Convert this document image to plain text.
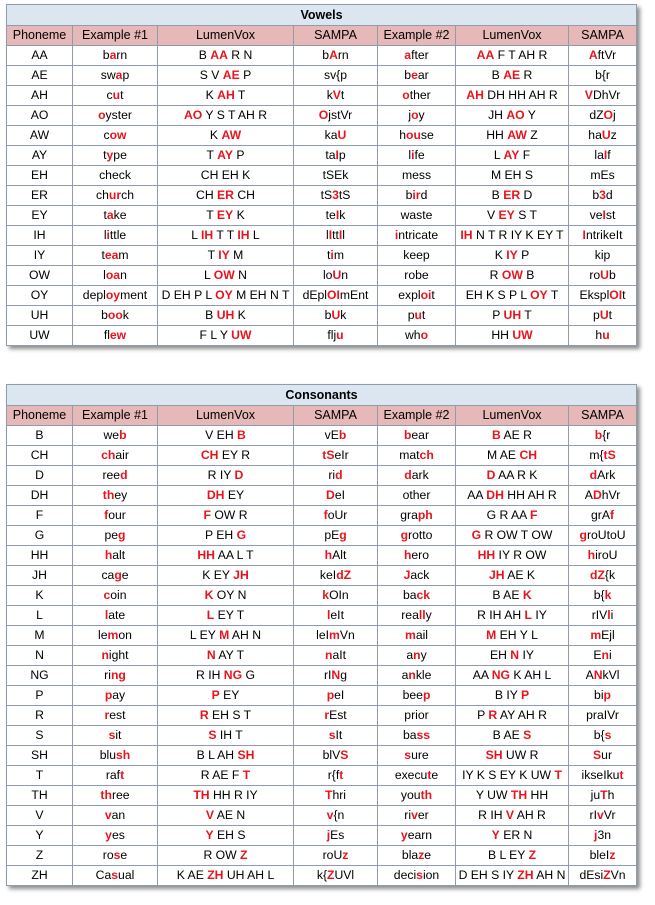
Vowels						
Phoneme	Example #1	LumenVox	SAMPA	Example #2	LumenVox	SAMPA
AA	barn	B AA R N	bArn	after	AA F T AH R	AftVr
AE	swap	S V AE P	sv{p	bear	B AE R	b{r
AH	cut	K AH T	kVt	other	AH DH HH AH R	VDhVr
AO	oyster	AO Y S T AH R	OjstVr	joy	JH AO Y	dZOj
AW	cow	K AW	kaU	house	HH AW Z	haUz
AY	type	T AY P	taIp	life	L AY F	laIf
EH	check	CH EH K	tSEk	mess	M EH S	mEs
ER	church	CH ER CH	tS3tS	bird	B ER D	b3d
EY	take	T EY K	teIk	waste	V EY S T	veIst
IH	little	L IH T T IH L	lIttIl	intricate	IH N T R IY K EY T	IntrikeIt
IY	team	T IY M	tim	keep	K IY P	kip
OW	loan	L OW N	loUn	robe	R OW B	roUb
OY	deployment	D EH P L OY M EH N T	dEplOImEnt	exploit	EH K S P L OY T	EksplOIt
UH	book	B UH K	bUk	put	P UH T	pUt
UW	flew	F L Y UW	flju	who	HH UW	hu
Consonants						
Phoneme	Example #1	LumenVox	SAMPA	Example #2	LumenVox	SAMPA
B	web	V EH B	vEb	bear	B AE R	b{r
CH	chair	CH EY R	tSeIr	match	M AE CH	m{tS
D	reed	R IY D	rid	dark	D AA R K	dArk
DH	they	DH EY	DeI	other	AA DH HH AH R	ADhVr
F	four	F OW R	foUr	graph	G R AA F	grAf
G	peg	P EH G	pEg	grotto	G R OW T OW	groUtoU
HH	halt	HH AA L T	hAlt	hero	HH IY R OW	hiroU
JH	cage	K EY JH	keIdZ	Jack	JH AE K	dZ{k
K	coin	K OY N	kOIn	back	B AE K	b{k
L	late	L EY T	leIt	really	R IH AH L IY	rIVli
M	lemon	L EY M AH N	leImVn	mail	M EH Y L	mEjl
N	night	N AY T	naIt	any	EH N IY	Eni
NG	ring	R IH NG G	rINg	ankle	AA NG K AH L	ANkVl
P	pay	P EY	peI	beep	B IY P	bip
R	rest	R EH S T	rEst	prior	P R AY AH R	praIVr
S	sit	S IH T	sIt	bass	B AE S	b{s
SH	blush	B L AH SH	blVS	sure	SH UW R	Sur
T	raft	R AE F T	r{ft	execute	IY K S EY K UW T	ikseIkut
TH	three	TH HH R IY	Thri	youth	Y UW TH HH	juTh
V	van	V AE N	v{n	river	R IH V AH R	rIvVr
Y	yes	Y EH S	jEs	yearn	Y ER N	j3n
Z	rose	R OW Z	roUz	blaze	B L EY Z	bleIz
ZH	Casual	K AE ZH UH AH L	k{ZUVl	decision	D EH S IY ZH AH N	dEsiZVn
